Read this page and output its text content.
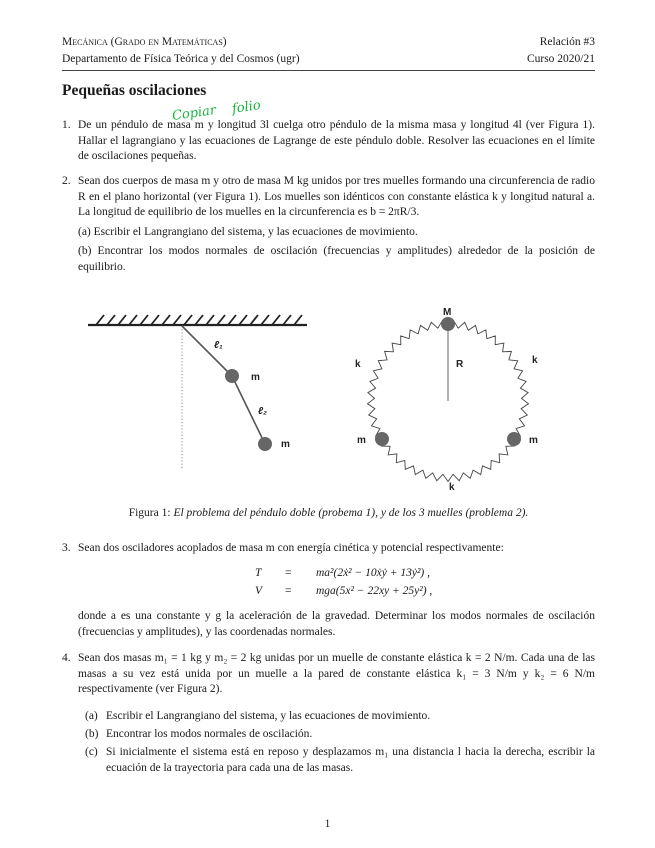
Mecánica (Grado en Matemáticas)	Relación #3
Departamento de Física Teórica y del Cosmos (ugr)	Curso 2020/21
Pequeñas oscilaciones
Copiar folio
1. De un péndulo de masa m y longitud 3l cuelga otro péndulo de la misma masa y longitud 4l (ver Figura 1). Hallar el lagrangiano y las ecuaciones de Lagrange de este péndulo doble. Resolver las ecuaciones en el límite de oscilaciones pequeñas.

2. Sean dos cuerpos de masa m y otro de masa M kg unidos por tres muelles formando una circunferencia de radio R en el plano horizontal (ver Figura 1). Los muelles son idénticos con constante elástica k y longitud natural a. La longitud de equilibrio de los muelles en la circunferencia es b = 2πR/3.

(a) Escribir el Langrangiano del sistema, y las ecuaciones de movimiento.

(b) Encontrar los modos normales de oscilación (frecuencias y amplitudes) alrededor de la posición de equilibrio.

ℓ₁
ℓ₂
m
m
M
R
k	k
k
m	m
Figura 1: El problema del péndulo doble (probema 1), y de los 3 muelles (problema 2).
3. Sean dos osciladores acoplados de masa m con energía cinética y potencial respectivamente:

T = ma²(2ẋ² − 10ẋẏ + 13ẏ²) ,
V = mga(5x² − 22xy + 25y²) ,

donde a es una constante y g la aceleración de la gravedad. Determinar los modos normales de oscilación (frecuencias y amplitudes), y las coordenadas normales.

4. Sean dos masas m₁ = 1 kg y m₂ = 2 kg unidas por un muelle de constante elástica k = 2 N/m. Cada una de las masas a su vez está unida por un muelle a la pared de constante elástica k₁ = 3 N/m y k₂ = 6 N/m respectivamente (ver Figura 2).

(a) Escribir el Langrangiano del sistema, y las ecuaciones de movimiento.
(b) Encontrar los modos normales de oscilación.
(c) Si inicialmente el sistema está en reposo y desplazamos m₁ una distancia l hacia la derecha, escribir la ecuación de la trayectoria para cada una de las masas.
1
